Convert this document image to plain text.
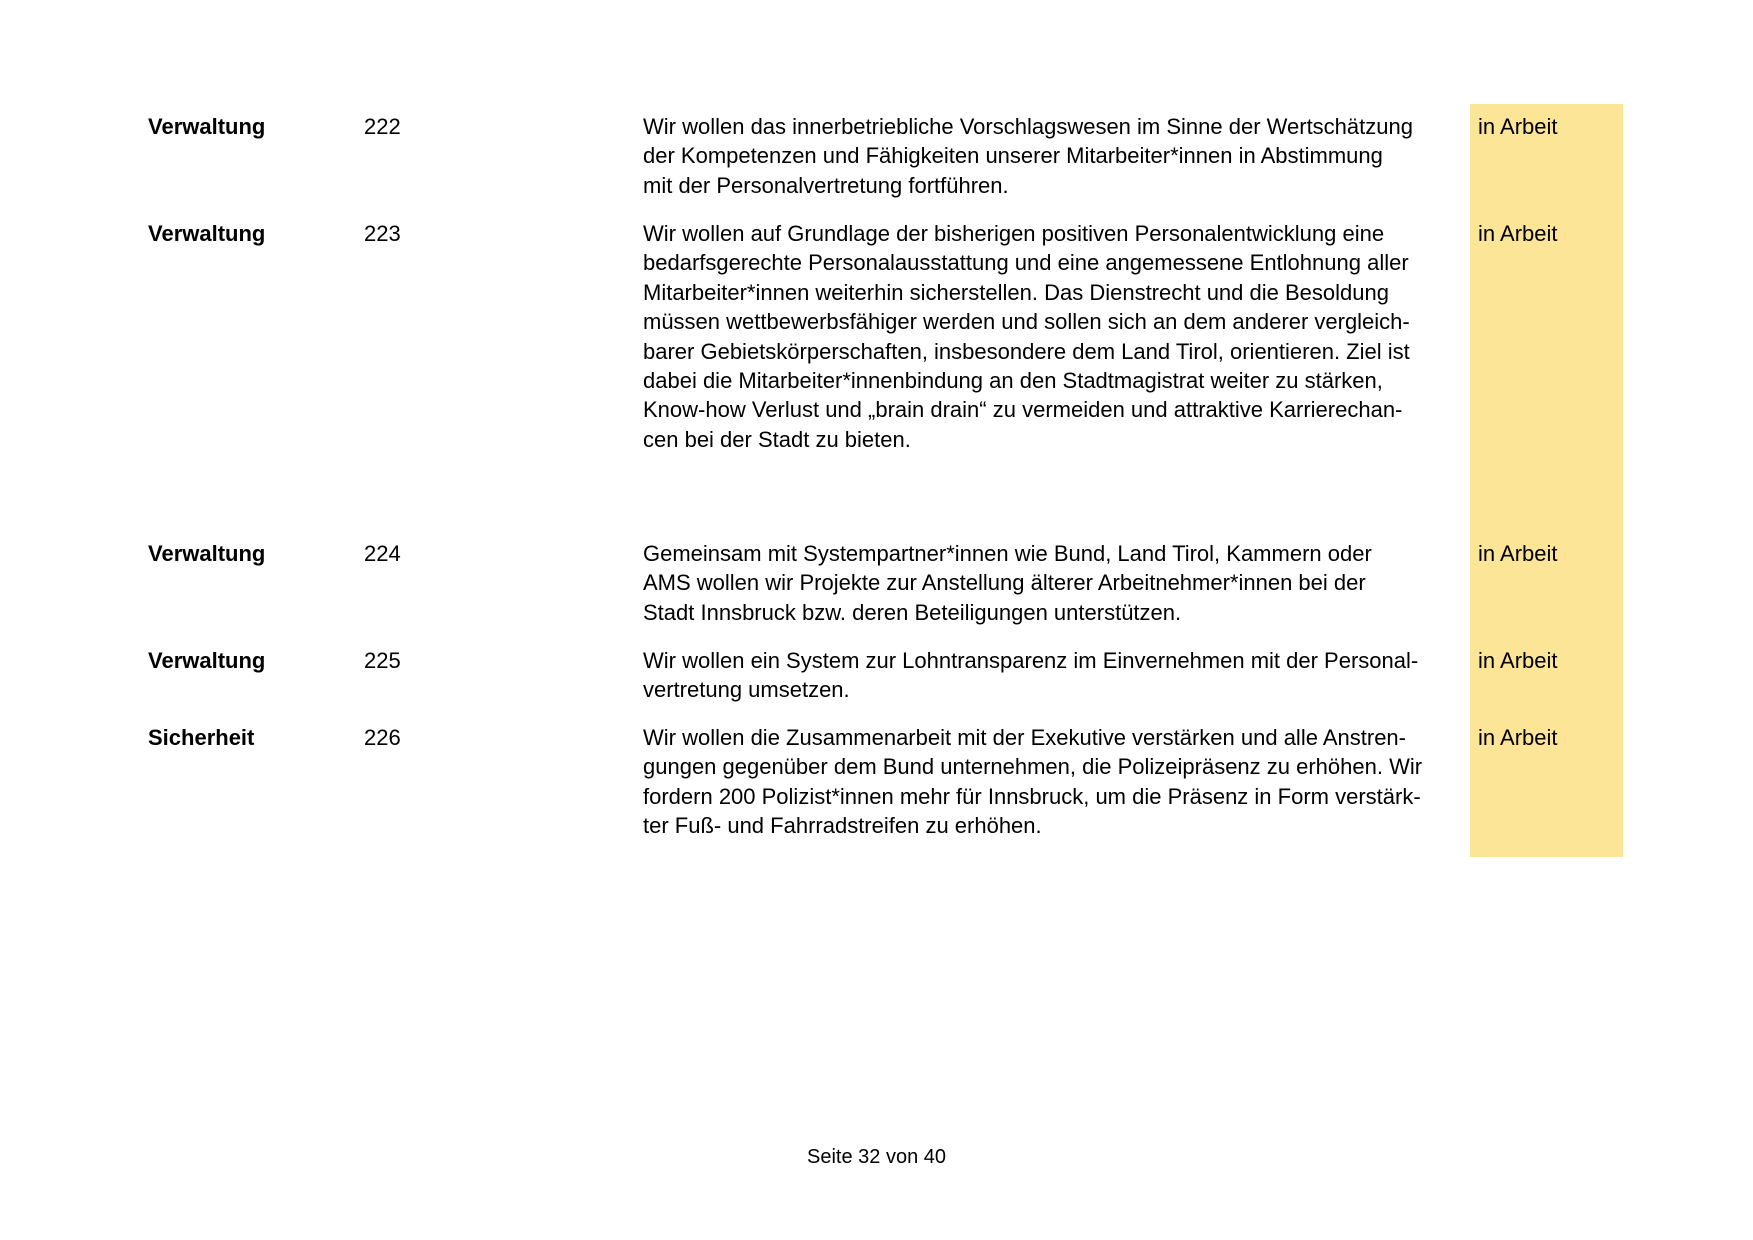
Verwaltung	222	Wir wollen das innerbetriebliche Vorschlagswesen im Sinne der Wertschätzung
der Kompetenzen und Fähigkeiten unserer Mitarbeiter*innen in Abstimmung
mit der Personalvertretung fortführen.
in Arbeit
Verwaltung	223	Wir wollen auf Grundlage der bisherigen positiven Personalentwicklung eine
bedarfsgerechte Personalausstattung und eine angemessene Entlohnung aller
Mitarbeiter*innen weiterhin sicherstellen. Das Dienstrecht und die Besoldung
müssen wettbewerbsfähiger werden und sollen sich an dem anderer vergleich-
barer Gebietskörperschaften, insbesondere dem Land Tirol, orientieren. Ziel ist
dabei die Mitarbeiter*innenbindung an den Stadtmagistrat weiter zu stärken,
Know-how Verlust und „brain drain“ zu vermeiden und attraktive Karrierechan-
cen bei der Stadt zu bieten.
in Arbeit
Verwaltung	224	Gemeinsam mit Systempartner*innen wie Bund, Land Tirol, Kammern oder
AMS wollen wir Projekte zur Anstellung älterer Arbeitnehmer*innen bei der
Stadt Innsbruck bzw. deren Beteiligungen unterstützen.
in Arbeit
Verwaltung	225	Wir wollen ein System zur Lohntransparenz im Einvernehmen mit der Personal-
vertretung umsetzen.
in Arbeit
Sicherheit	226	Wir wollen die Zusammenarbeit mit der Exekutive verstärken und alle Anstren-
gungen gegenüber dem Bund unternehmen, die Polizeipräsenz zu erhöhen. Wir
fordern 200 Polizist*innen mehr für Innsbruck, um die Präsenz in Form verstärk-
ter Fuß- und Fahrradstreifen zu erhöhen.
in Arbeit
Seite 32 von 40
